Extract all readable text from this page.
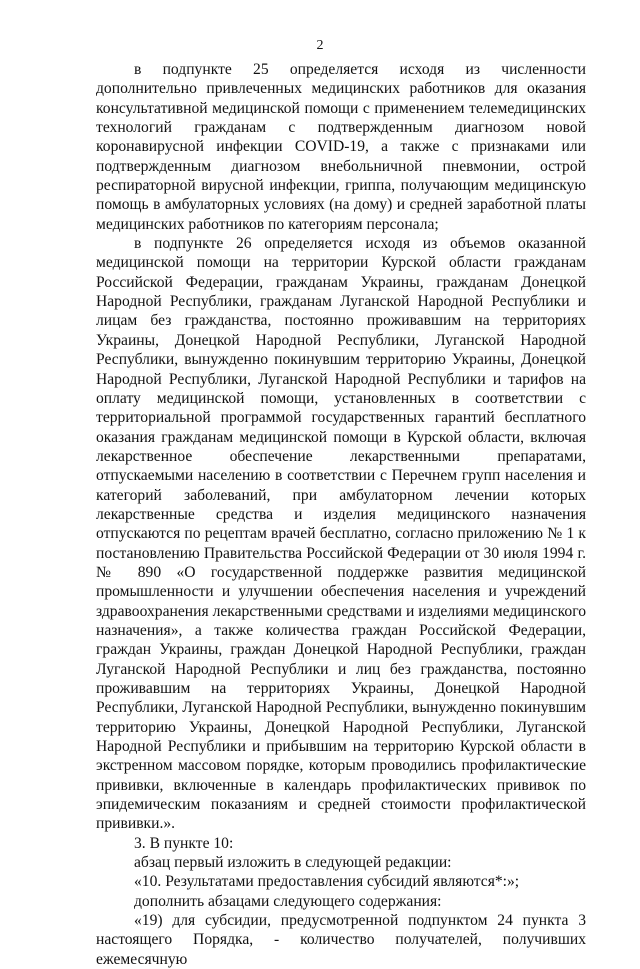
2

в подпункте 25 определяется исходя из численности дополнительно привлеченных медицинских работников для оказания консультативной медицинской помощи с применением телемедицинских технологий гражданам с подтвержденным диагнозом новой коронавирусной инфекции COVID-19, а также с признаками или подтвержденным диагнозом внебольничной пневмонии, острой респираторной вирусной инфекции, гриппа, получающим медицинскую помощь в амбулаторных условиях (на дому) и средней заработной платы медицинских работников по категориям персонала;

в подпункте 26 определяется исходя из объемов оказанной медицинской помощи на территории Курской области гражданам Российской Федерации, гражданам Украины, гражданам Донецкой Народной Республики, гражданам Луганской Народной Республики и лицам без гражданства, постоянно проживавшим на территориях Украины, Донецкой Народной Республики, Луганской Народной Республики, вынужденно покинувшим территорию Украины, Донецкой Народной Республики, Луганской Народной Республики и тарифов на оплату медицинской помощи, установленных в соответствии с территориальной программой государственных гарантий бесплатного оказания гражданам медицинской помощи в Курской области, включая лекарственное обеспечение лекарственными препаратами, отпускаемыми населению в соответствии с Перечнем групп населения и категорий заболеваний, при амбулаторном лечении которых лекарственные средства и изделия медицинского назначения отпускаются по рецептам врачей бесплатно, согласно приложению № 1 к постановлению Правительства Российской Федерации от 30 июля 1994 г. № 890 «О государственной поддержке развития медицинской промышленности и улучшении обеспечения населения и учреждений здравоохранения лекарственными средствами и изделиями медицинского назначения», а также количества граждан Российской Федерации, граждан Украины, граждан Донецкой Народной Республики, граждан Луганской Народной Республики и лиц без гражданства, постоянно проживавшим на территориях Украины, Донецкой Народной Республики, Луганской Народной Республики, вынужденно покинувшим территорию Украины, Донецкой Народной Республики, Луганской Народной Республики и прибывшим на территорию Курской области в экстренном массовом порядке, которым проводились профилактические прививки, включенные в календарь профилактических прививок по эпидемическим показаниям и средней стоимости профилактической прививки.».

3. В пункте 10:

абзац первый изложить в следующей редакции:

«10. Результатами предоставления субсидий являются*:»;

дополнить абзацами следующего содержания:

«19) для субсидии, предусмотренной подпунктом 24 пункта 3 настоящего Порядка, - количество получателей, получивших ежемесячную
